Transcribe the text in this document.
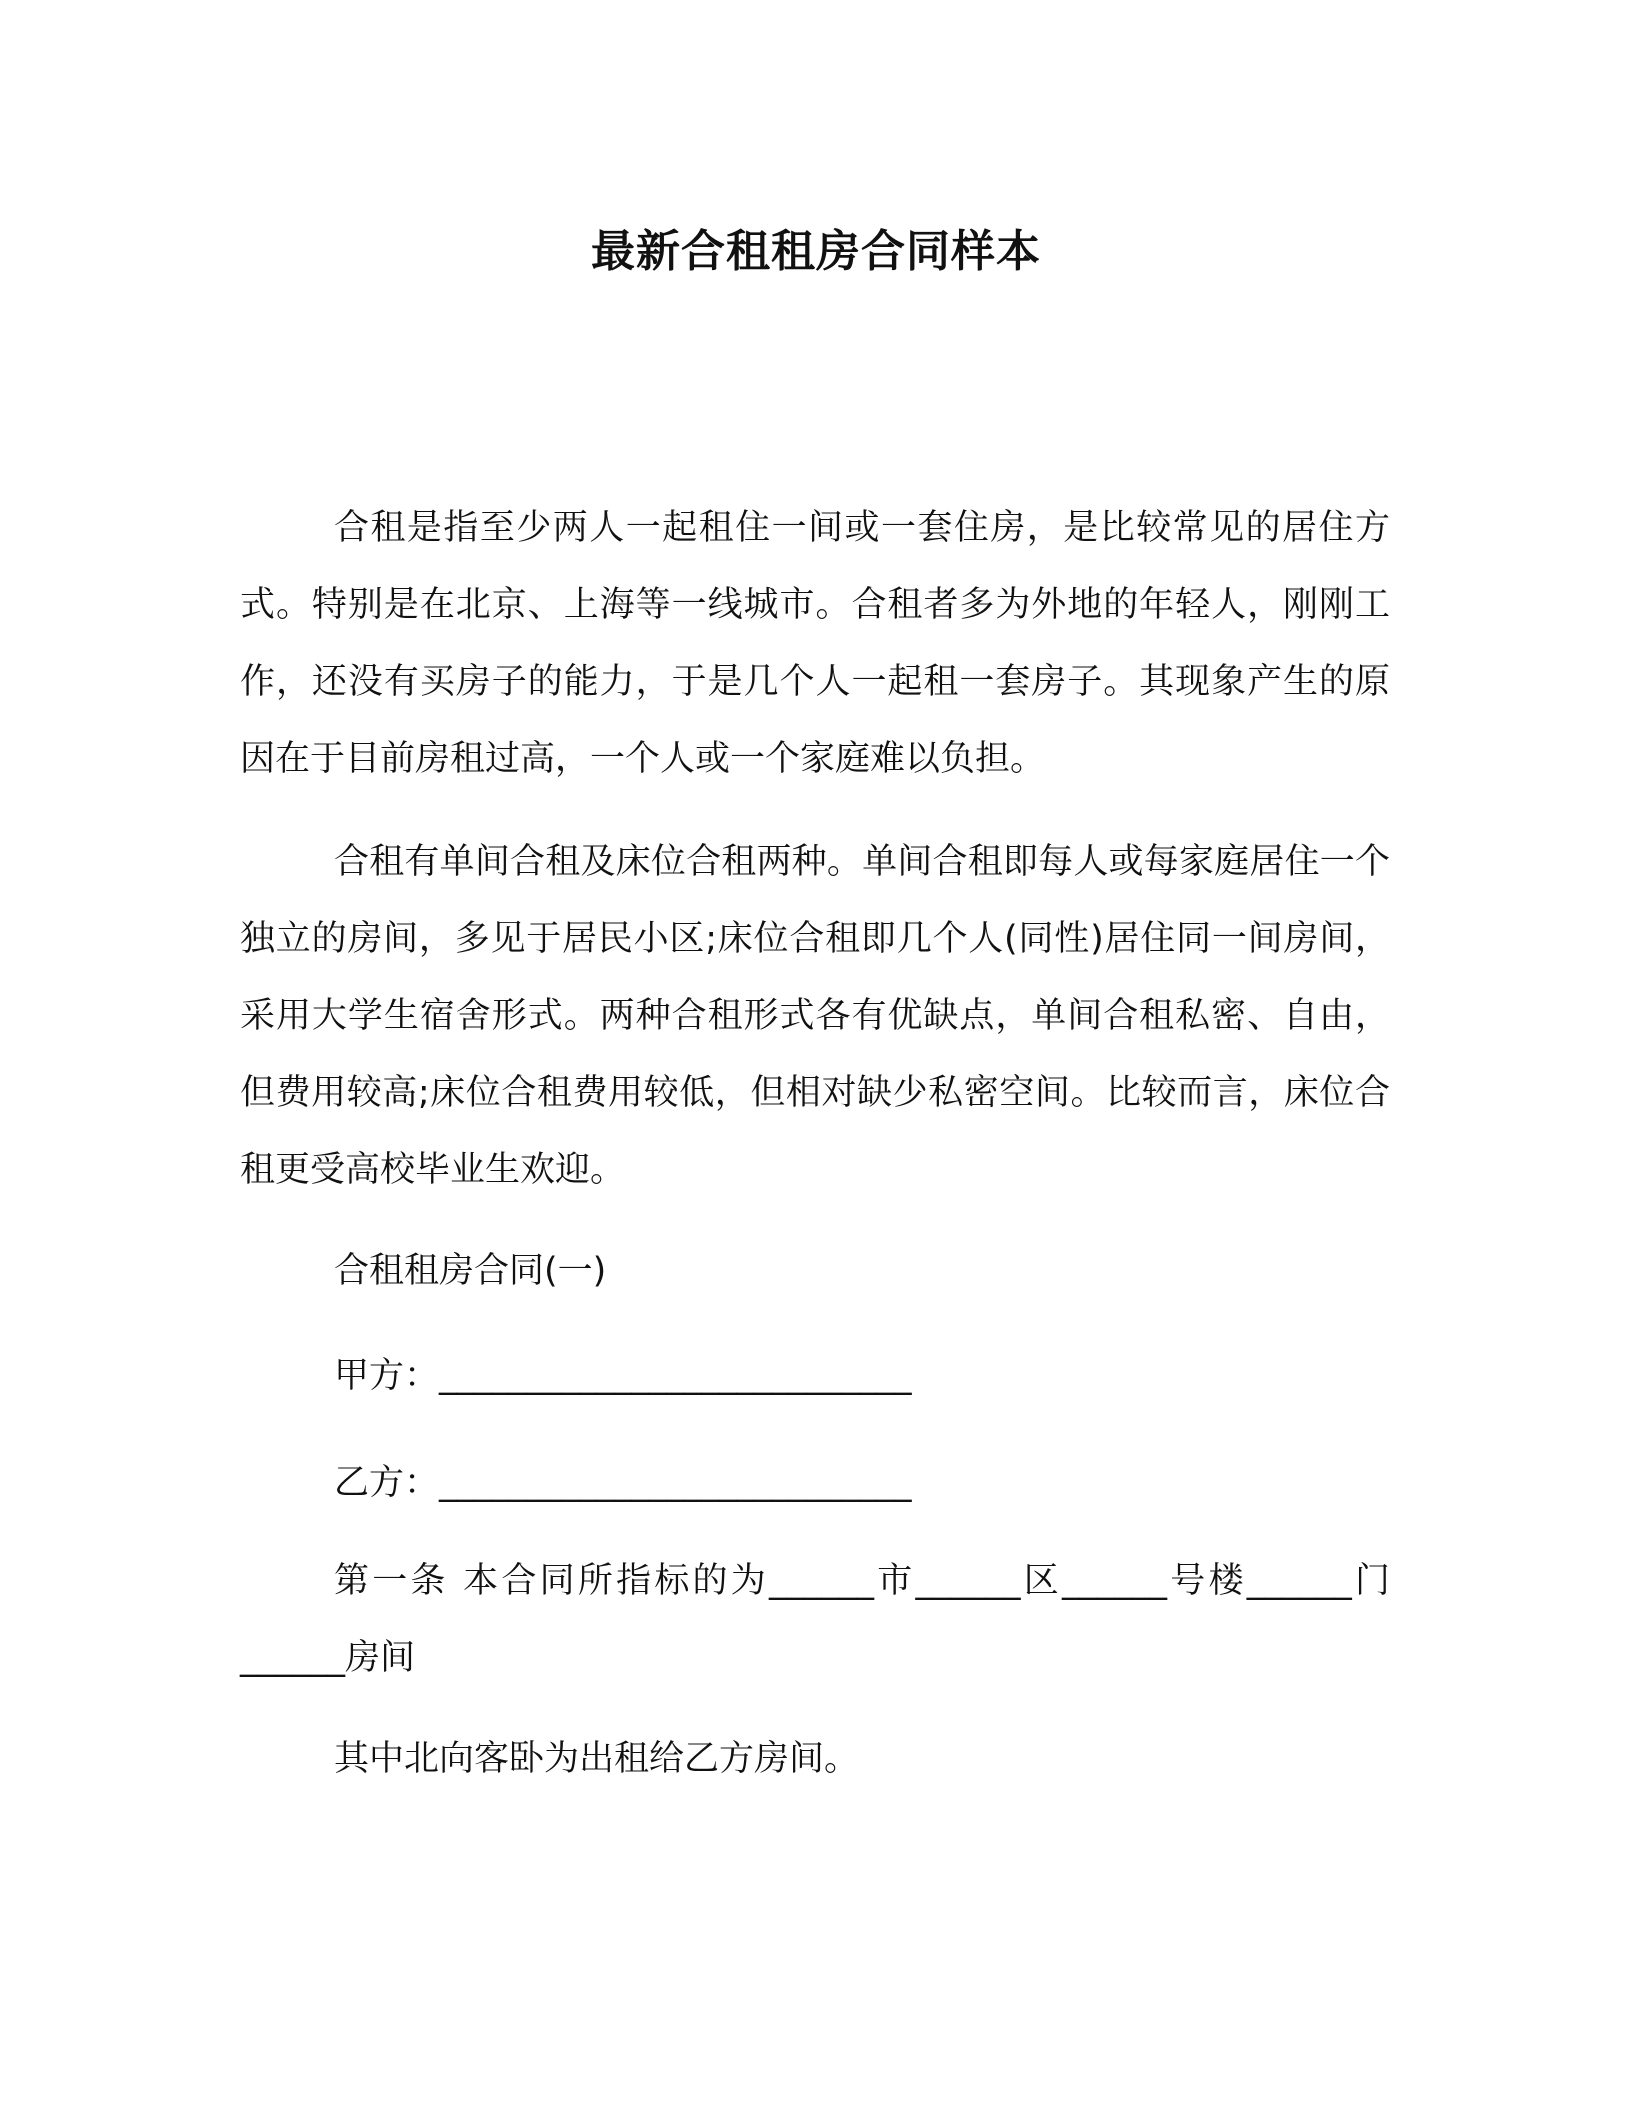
最新合租租房合同样本

合租是指至少两人一起租住一间或一套住房，是比较常见的居住方式。特别是在北京、上海等一线城市。合租者多为外地的年轻人，刚刚工作，还没有买房子的能力，于是几个人一起租一套房子。其现象产生的原因在于目前房租过高，一个人或一个家庭难以负担。

合租有单间合租及床位合租两种。单间合租即每人或每家庭居住一个独立的房间，多见于居民小区;床位合租即几个人(同性)居住同一间房间，采用大学生宿舍形式。两种合租形式各有优缺点，单间合租私密、自由，但费用较高;床位合租费用较低，但相对缺少私密空间。比较而言，床位合租更受高校毕业生欢迎。

合租租房合同(一)

甲方：___________________________

乙方：___________________________

第一条 本合同所指标的为______市______区______号楼______门______房间

其中北向客卧为出租给乙方房间。
